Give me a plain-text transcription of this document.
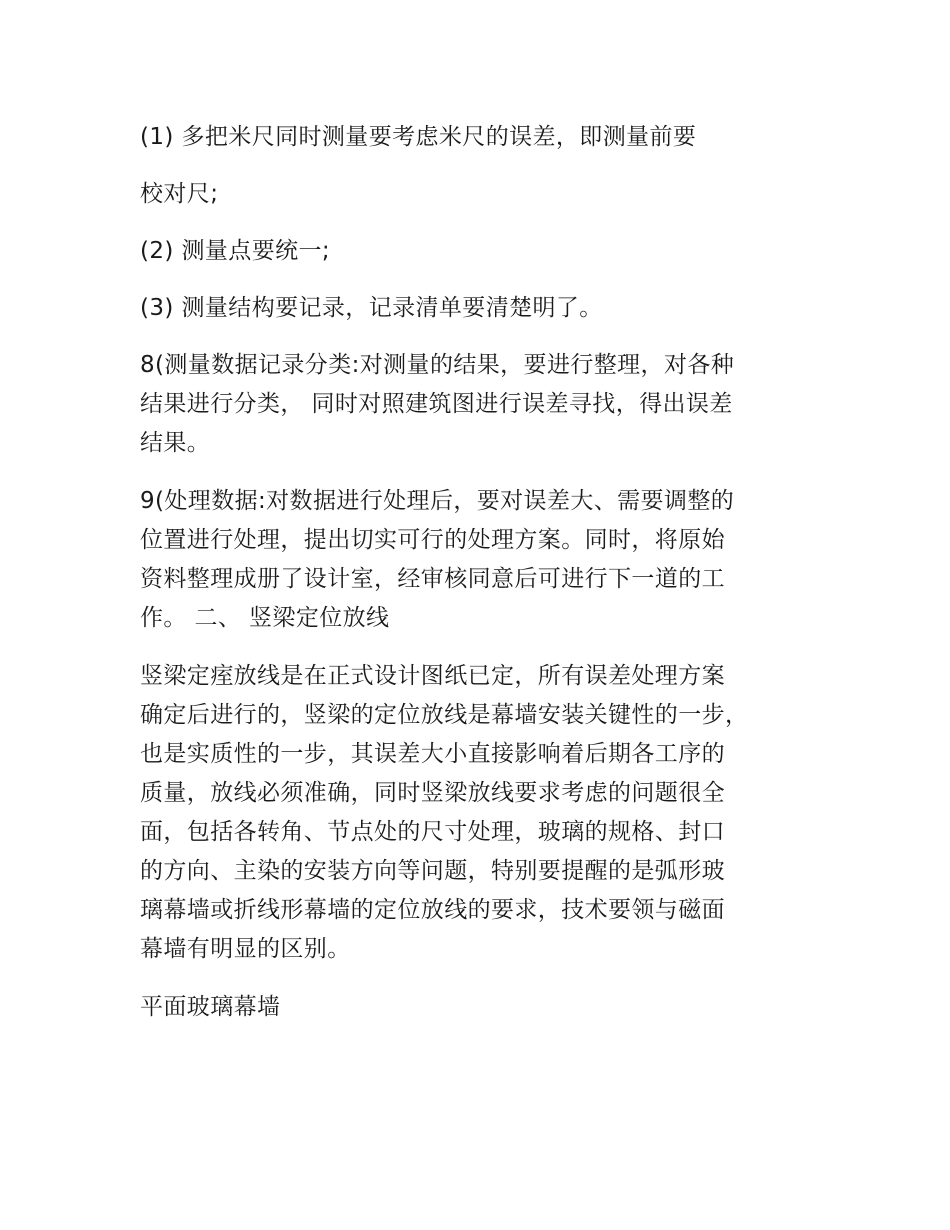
(1) 多把米尺同时测量要考虑米尺的误差，即测量前要

校对尺;

(2) 测量点要统一;

(3) 测量结构要记录，记录清单要清楚明了。

8(测量数据记录分类:对测量的结果，要进行整理，对各种
结果进行分类， 同时对照建筑图进行误差寻找，得出误差
结果。

9(处理数据:对数据进行处理后，要对误差大、需要调整的
位置进行处理，提出切实可行的处理方案。同时，将原始
资料整理成册了设计室，经审核同意后可进行下一道的工
作。 二、 竖梁定位放线

竖梁定痓放线是在正式设计图纸已定，所有误差处理方案
确定后进行的，竖梁的定位放线是幕墙安装关键性的一步，
也是实质性的一步，其误差大小直接影响着后期各工序的
质量，放线必须准确，同时竖梁放线要求考虑的问题很全
面，包括各转角、节点处的尺寸处理，玻璃的规格、封口
的方向、主染的安装方向等问题，特别要提醒的是弧形玻
璃幕墙或折线形幕墙的定位放线的要求，技术要领与磁面
幕墙有明显的区别。

平面玻璃幕墙
